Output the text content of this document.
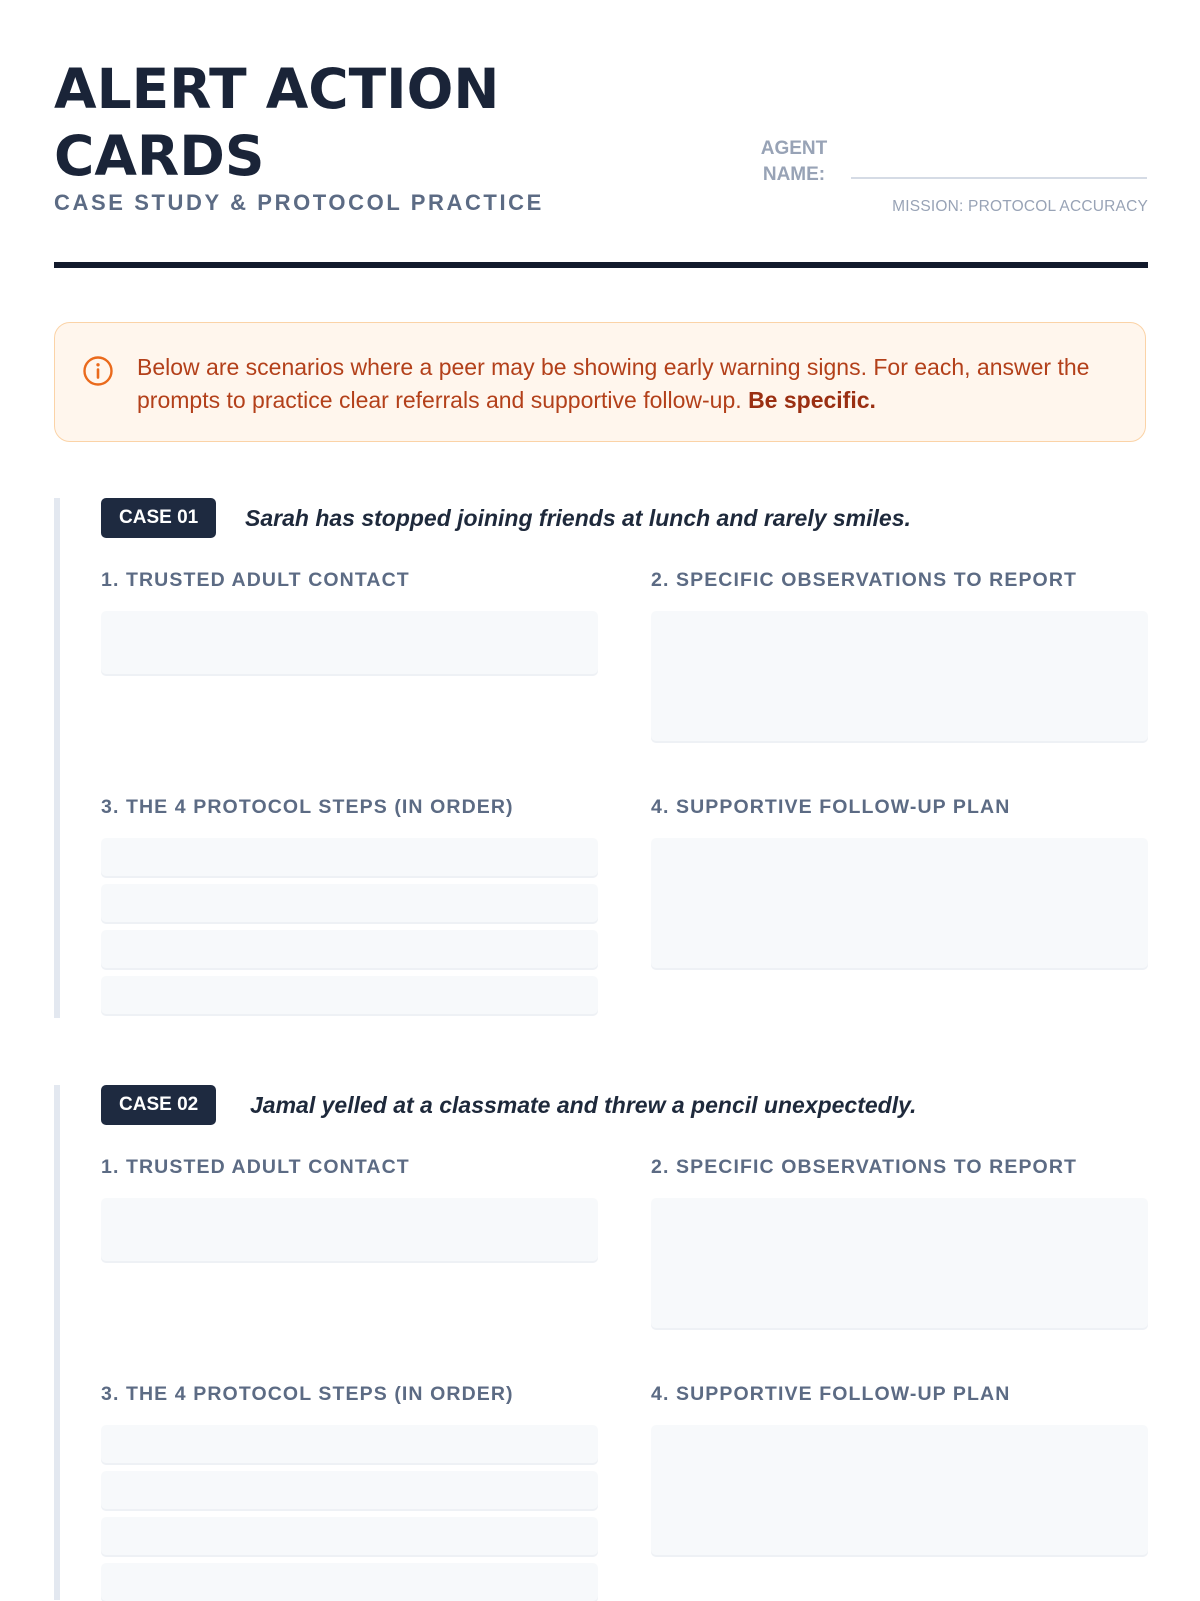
ALERT ACTION CARDS
CASE STUDY & PROTOCOL PRACTICE
AGENT NAME:
MISSION: PROTOCOL ACCURACY
Below are scenarios where a peer may be showing early warning signs. For each, answer the prompts to practice clear referrals and supportive follow-up. Be specific.
CASE 01	Sarah has stopped joining friends at lunch and rarely smiles.
1. TRUSTED ADULT CONTACT	2. SPECIFIC OBSERVATIONS TO REPORT
3. THE 4 PROTOCOL STEPS (IN ORDER)	4. SUPPORTIVE FOLLOW-UP PLAN
CASE 02	Jamal yelled at a classmate and threw a pencil unexpectedly.
1. TRUSTED ADULT CONTACT	2. SPECIFIC OBSERVATIONS TO REPORT
3. THE 4 PROTOCOL STEPS (IN ORDER)	4. SUPPORTIVE FOLLOW-UP PLAN
